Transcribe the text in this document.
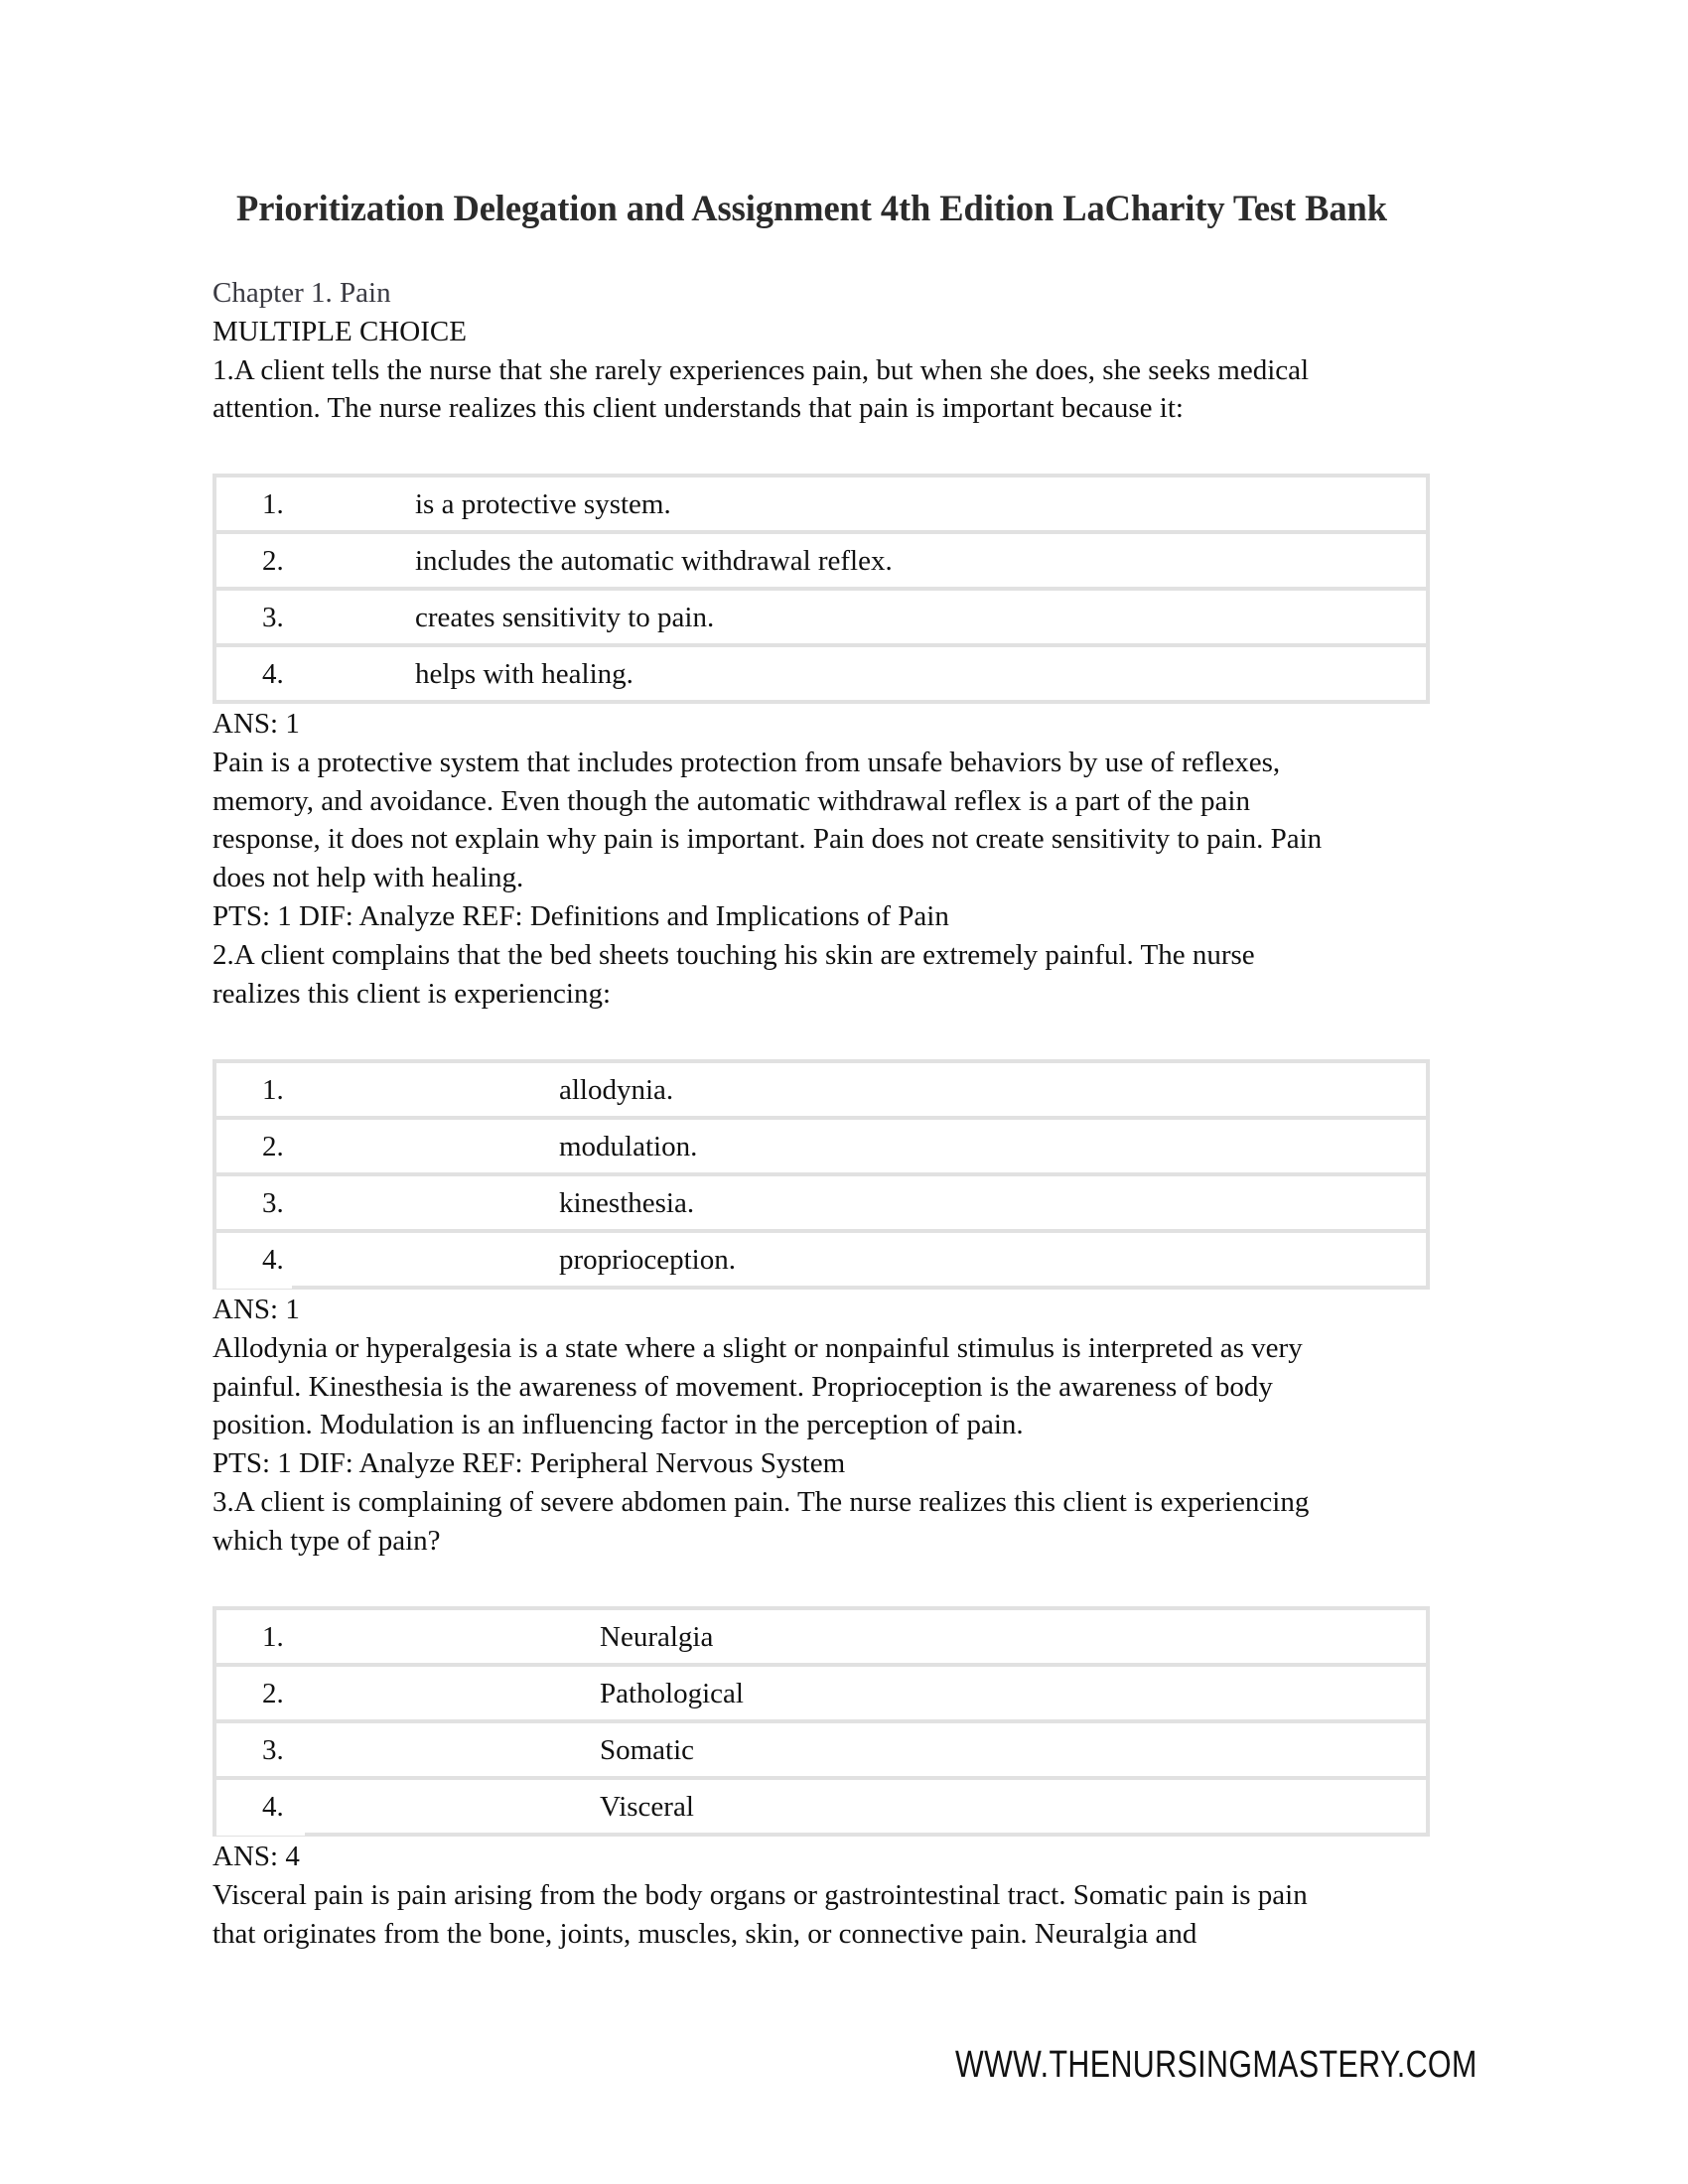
Prioritization Delegation and Assignment 4th Edition LaCharity Test Bank
Chapter 1. Pain
MULTIPLE CHOICE
1.A client tells the nurse that she rarely experiences pain, but when she does, she seeks medical
attention. The nurse realizes this client understands that pain is important because it:
1.	is a protective system.
2.	includes the automatic withdrawal reflex.
3.	creates sensitivity to pain.
4.	helps with healing.
ANS: 1
Pain is a protective system that includes protection from unsafe behaviors by use of reflexes,
memory, and avoidance. Even though the automatic withdrawal reflex is a part of the pain
response, it does not explain why pain is important. Pain does not create sensitivity to pain. Pain
does not help with healing.
PTS: 1 DIF: Analyze REF: Definitions and Implications of Pain
2.A client complains that the bed sheets touching his skin are extremely painful. The nurse
realizes this client is experiencing:
1.	allodynia.
2.	modulation.
3.	kinesthesia.
4.	proprioception.
ANS: 1
Allodynia or hyperalgesia is a state where a slight or nonpainful stimulus is interpreted as very
painful. Kinesthesia is the awareness of movement. Proprioception is the awareness of body
position. Modulation is an influencing factor in the perception of pain.
PTS: 1 DIF: Analyze REF: Peripheral Nervous System
3.A client is complaining of severe abdomen pain. The nurse realizes this client is experiencing
which type of pain?
1.	Neuralgia
2.	Pathological
3.	Somatic
4.	Visceral
ANS: 4
Visceral pain is pain arising from the body organs or gastrointestinal tract. Somatic pain is pain
that originates from the bone, joints, muscles, skin, or connective pain. Neuralgia and
WWW.THENURSINGMASTERY.COM
